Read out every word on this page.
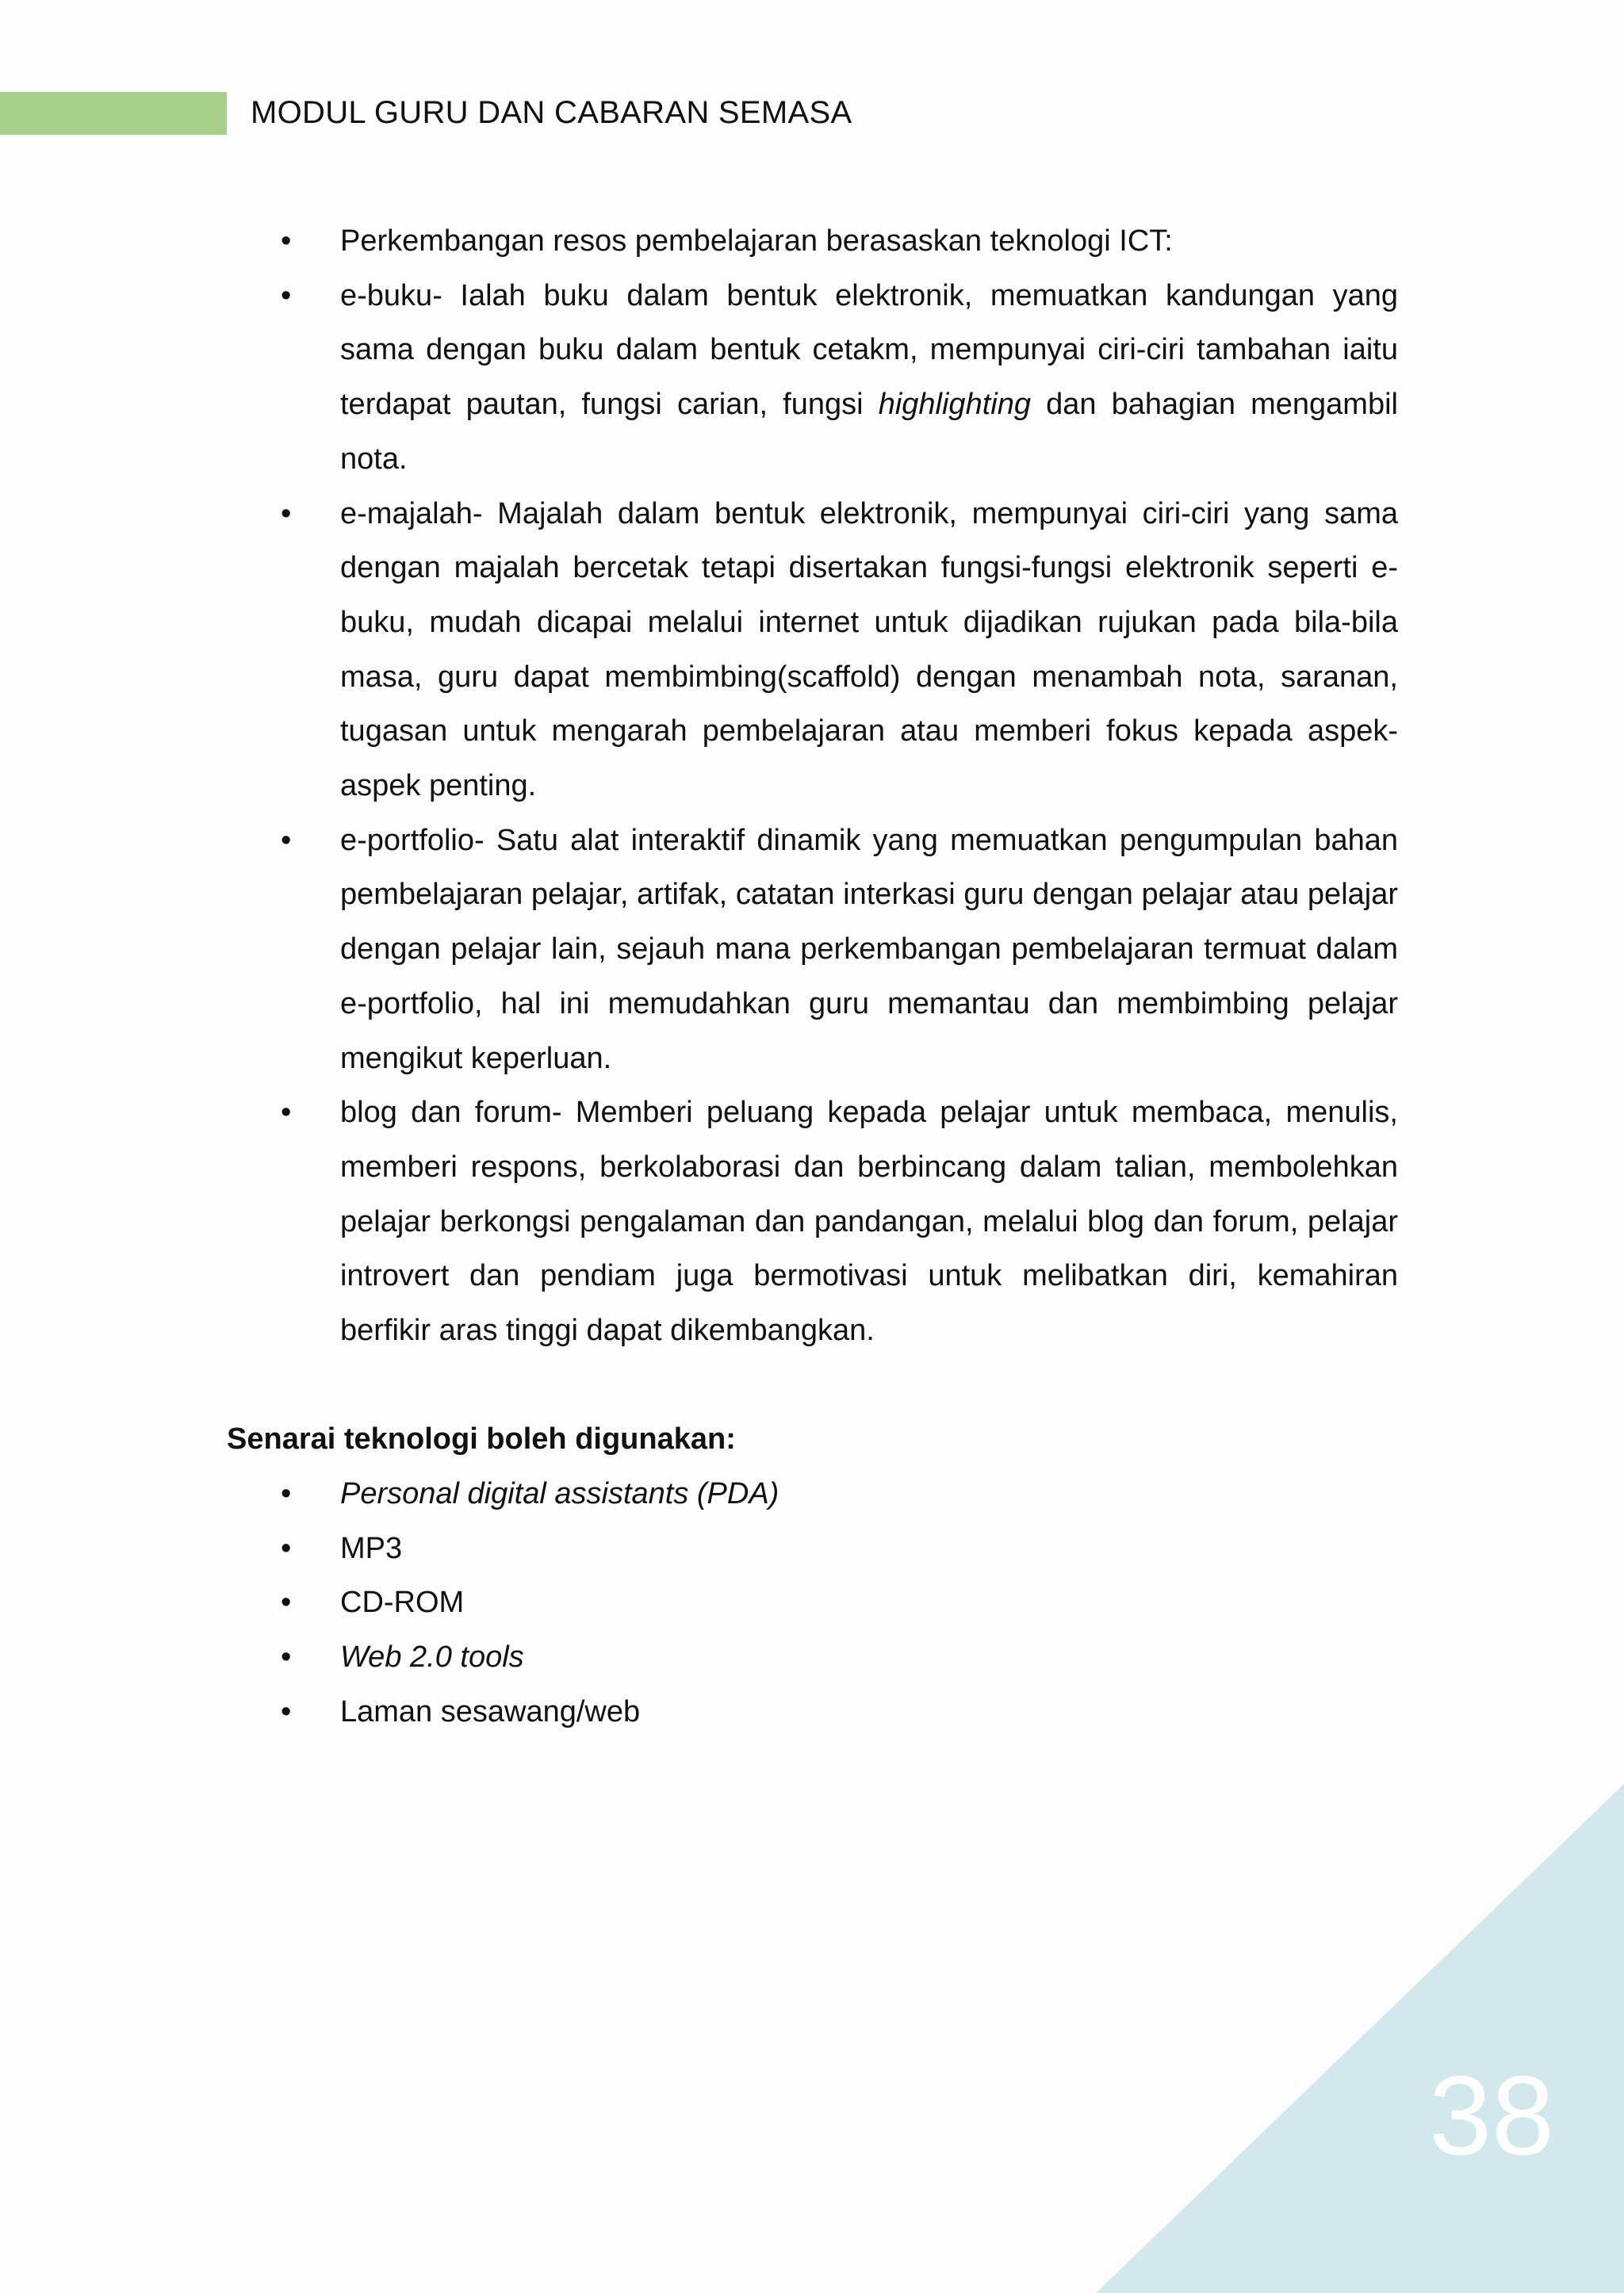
MODUL GURU DAN CABARAN SEMASA
• Perkembangan resos pembelajaran berasaskan teknologi ICT:
• e-buku- Ialah buku dalam bentuk elektronik, memuatkan kandungan yang sama dengan buku dalam bentuk cetakm, mempunyai ciri-ciri tambahan iaitu terdapat pautan, fungsi carian, fungsi highlighting dan bahagian mengambil nota.
• e-majalah- Majalah dalam bentuk elektronik, mempunyai ciri-ciri yang sama dengan majalah bercetak tetapi disertakan fungsi-fungsi elektronik seperti e-buku, mudah dicapai melalui internet untuk dijadikan rujukan pada bila-bila masa, guru dapat membimbing(scaffold) dengan menambah nota, saranan, tugasan untuk mengarah pembelajaran atau memberi fokus kepada aspek-aspek penting.
• e-portfolio- Satu alat interaktif dinamik yang memuatkan pengumpulan bahan pembelajaran pelajar, artifak, catatan interkasi guru dengan pelajar atau pelajar dengan pelajar lain, sejauh mana perkembangan pembelajaran termuat dalam e-portfolio, hal ini memudahkan guru memantau dan membimbing pelajar mengikut keperluan.
• blog dan forum- Memberi peluang kepada pelajar untuk membaca, menulis, memberi respons, berkolaborasi dan berbincang dalam talian, membolehkan pelajar berkongsi pengalaman dan pandangan, melalui blog dan forum, pelajar introvert dan pendiam juga bermotivasi untuk melibatkan diri, kemahiran berfikir aras tinggi dapat dikembangkan.
Senarai teknologi boleh digunakan:
• Personal digital assistants (PDA)
• MP3
• CD-ROM
• Web 2.0 tools
• Laman sesawang/web
38
